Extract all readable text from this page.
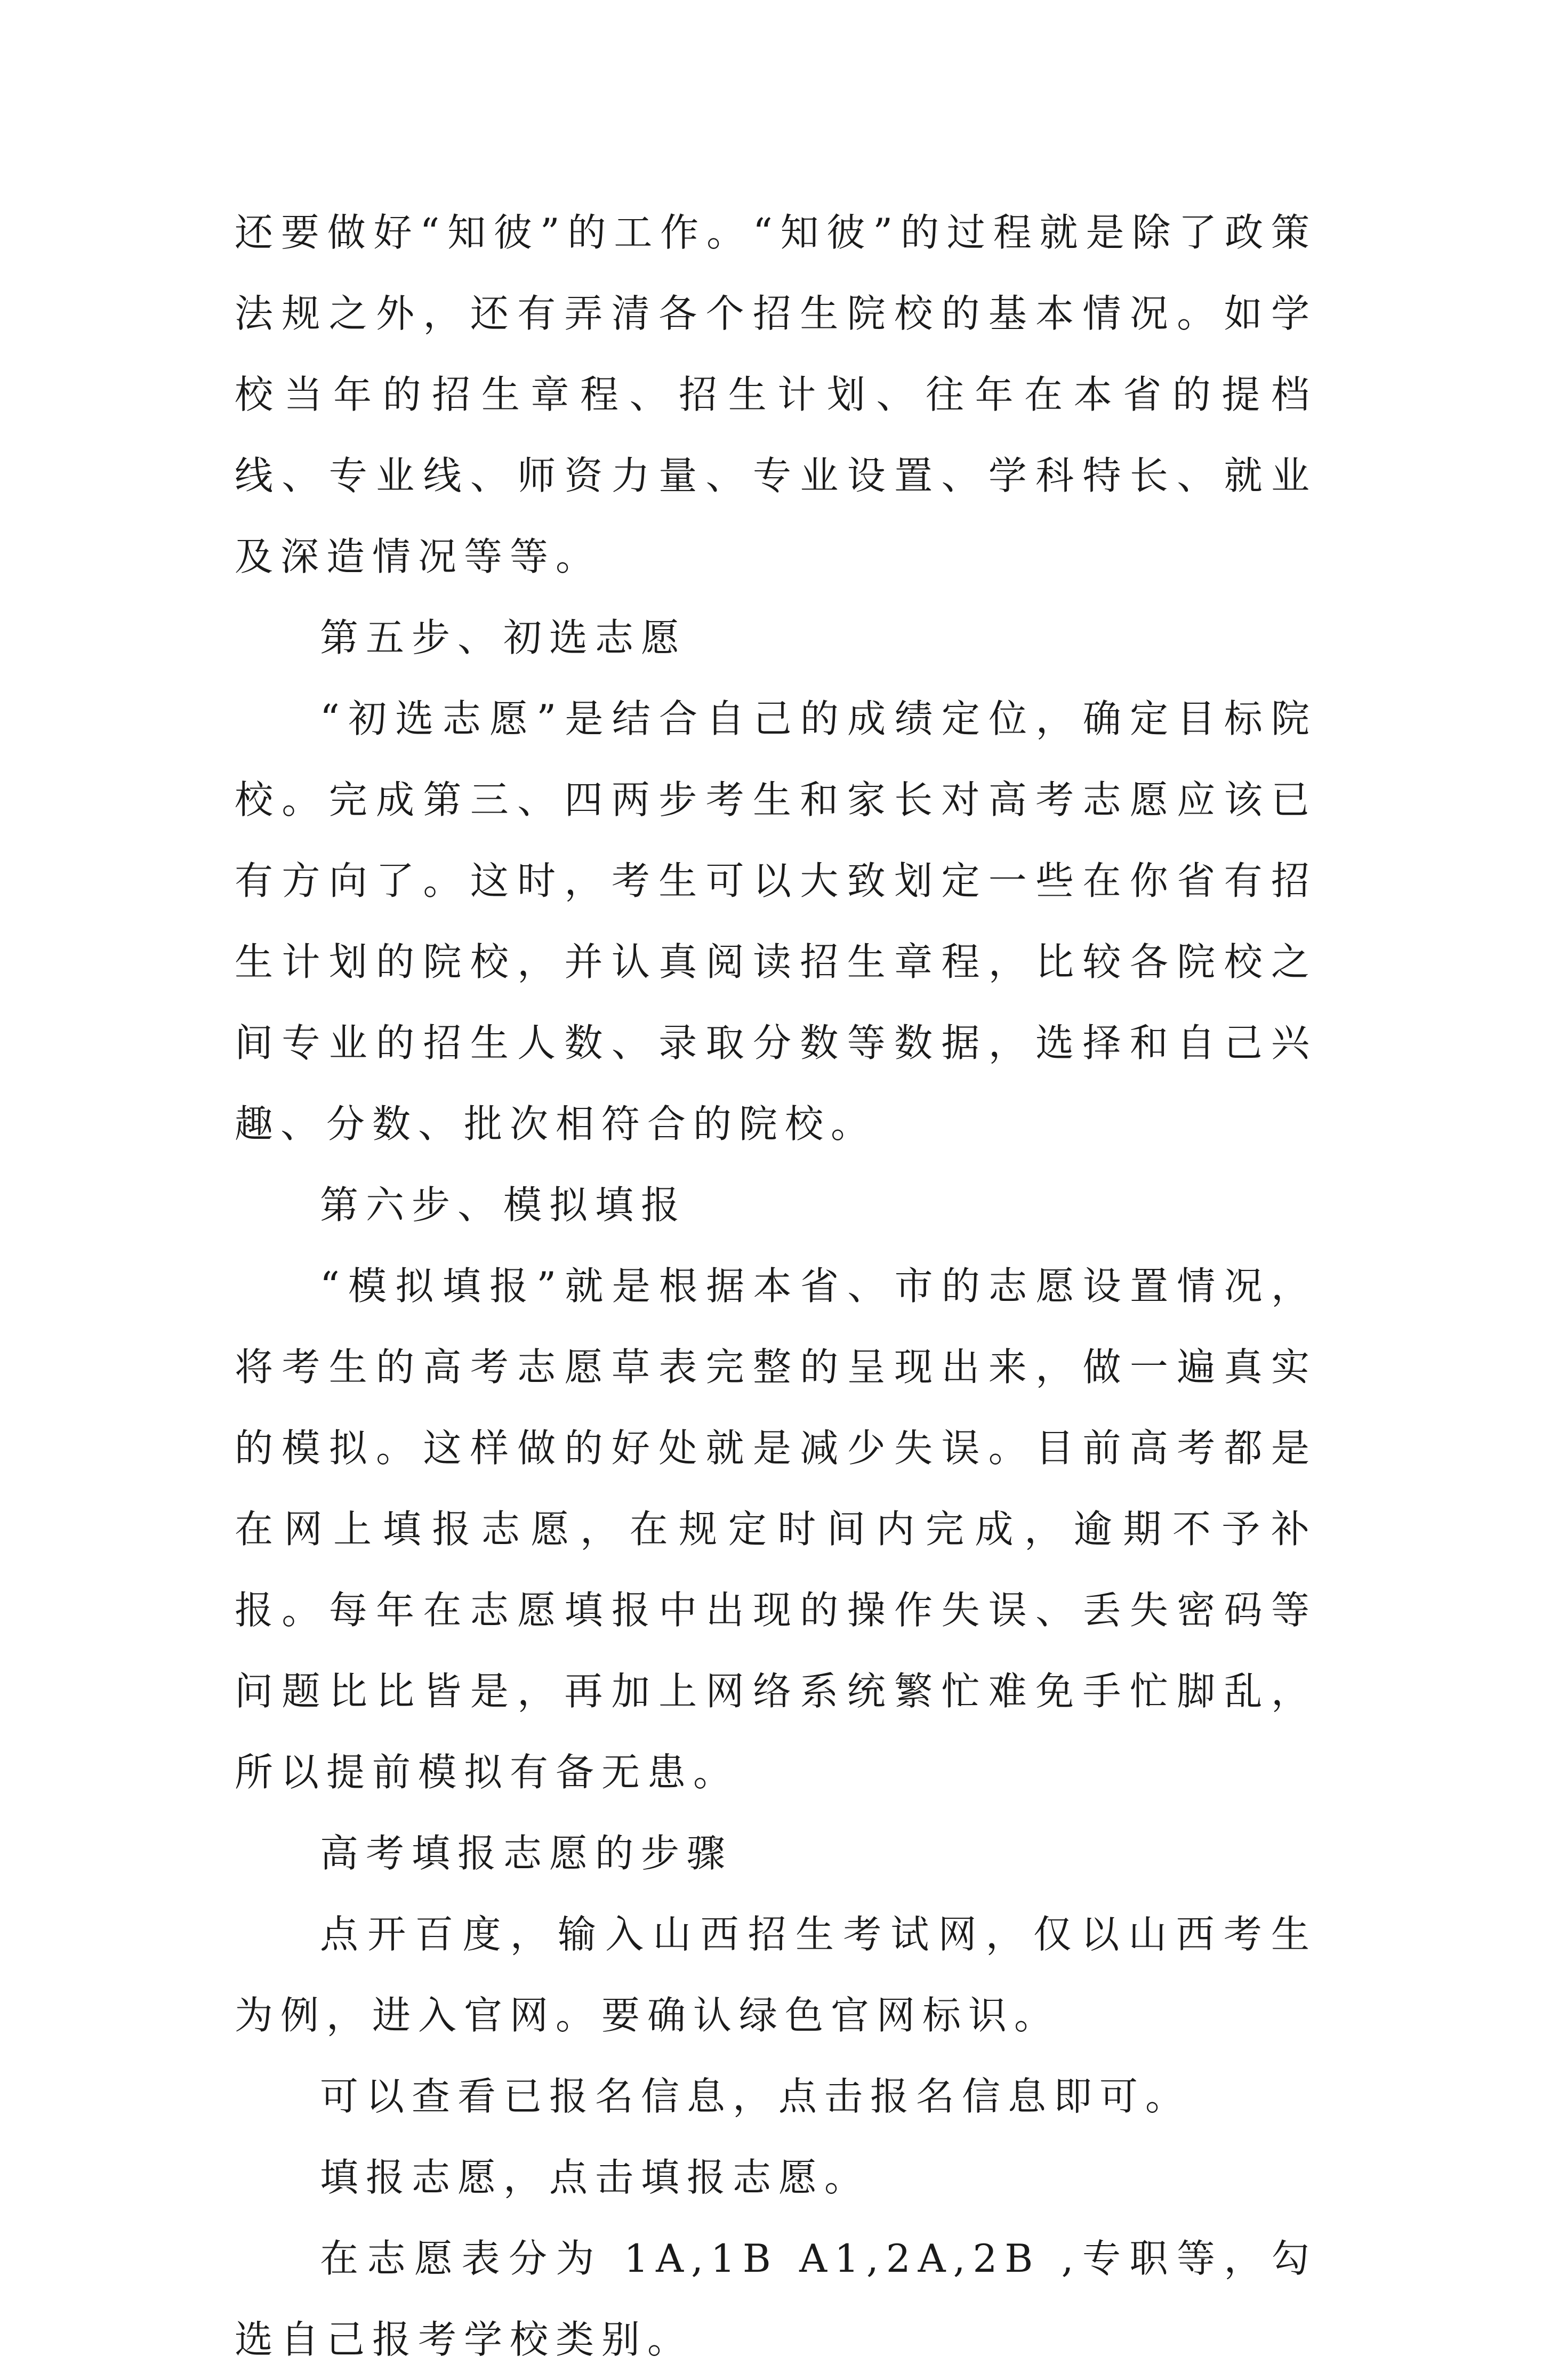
还要做好“知彼”的工作。“知彼”的过程就是除了政策法规之外，还有弄清各个招生院校的基本情况。如学校当年的招生章程、招生计划、往年在本省的提档线、专业线、师资力量、专业设置、学科特长、就业及深造情况等等。

第五步、初选志愿

“初选志愿”是结合自己的成绩定位，确定目标院校。完成第三、四两步考生和家长对高考志愿应该已有方向了。这时，考生可以大致划定一些在你省有招生计划的院校，并认真阅读招生章程，比较各院校之间专业的招生人数、录取分数等数据，选择和自己兴趣、分数、批次相符合的院校。

第六步、模拟填报

“模拟填报”就是根据本省、市的志愿设置情况，将考生的高考志愿草表完整的呈现出来，做一遍真实的模拟。这样做的好处就是减少失误。目前高考都是在网上填报志愿，在规定时间内完成，逾期不予补报。每年在志愿填报中出现的操作失误、丢失密码等问题比比皆是，再加上网络系统繁忙难免手忙脚乱，所以提前模拟有备无患。

高考填报志愿的步骤

点开百度，输入山西招生考试网，仅以山西考生为例，进入官网。要确认绿色官网标识。

可以查看已报名信息，点击报名信息即可。

填报志愿，点击填报志愿。

在志愿表分为 1A,1B A1,2A,2B ,专职等，勾选自己报考学校类别。
